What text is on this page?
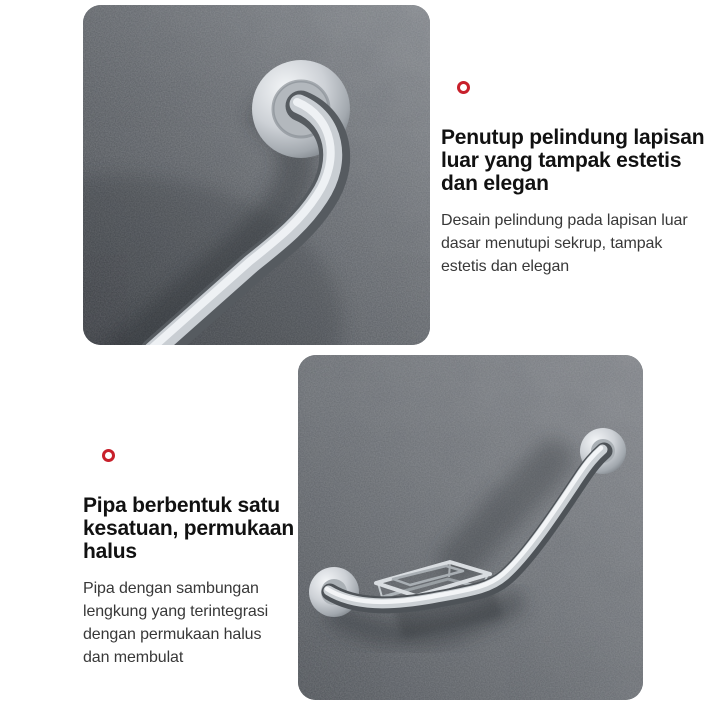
Penutup pelindung lapisan
luar yang tampak estetis
dan elegan

Desain pelindung pada lapisan luar
dasar menutupi sekrup, tampak
estetis dan elegan

Pipa berbentuk satu
kesatuan, permukaan
halus

Pipa dengan sambungan
lengkung yang terintegrasi
dengan permukaan halus
dan membulat
